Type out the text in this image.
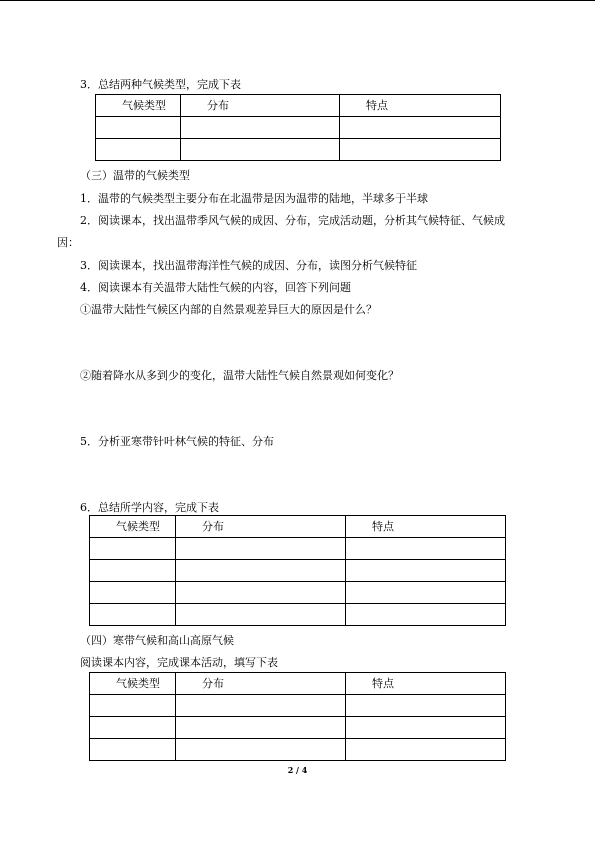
3．总结两种气候类型，完成下表
气候类型	分布	特点

（三）温带的气候类型
1．温带的气候类型主要分布在北温带是因为温带的陆地，半球多于半球
2．阅读课本，找出温带季风气候的成因、分布，完成活动题，分析其气候特征、气候成
因：
3．阅读课本，找出温带海洋性气候的成因、分布，读图分析气候特征
4．阅读课本有关温带大陆性气候的内容，回答下列问题
①温带大陆性气候区内部的自然景观差异巨大的原因是什么？
②随着降水从多到少的变化，温带大陆性气候自然景观如何变化？
5．分析亚寒带针叶林气候的特征、分布
6．总结所学内容，完成下表
气候类型	分布	特点

（四）寒带气候和高山高原气候
阅读课本内容，完成课本活动，填写下表
气候类型	分布	特点

2 / 4
